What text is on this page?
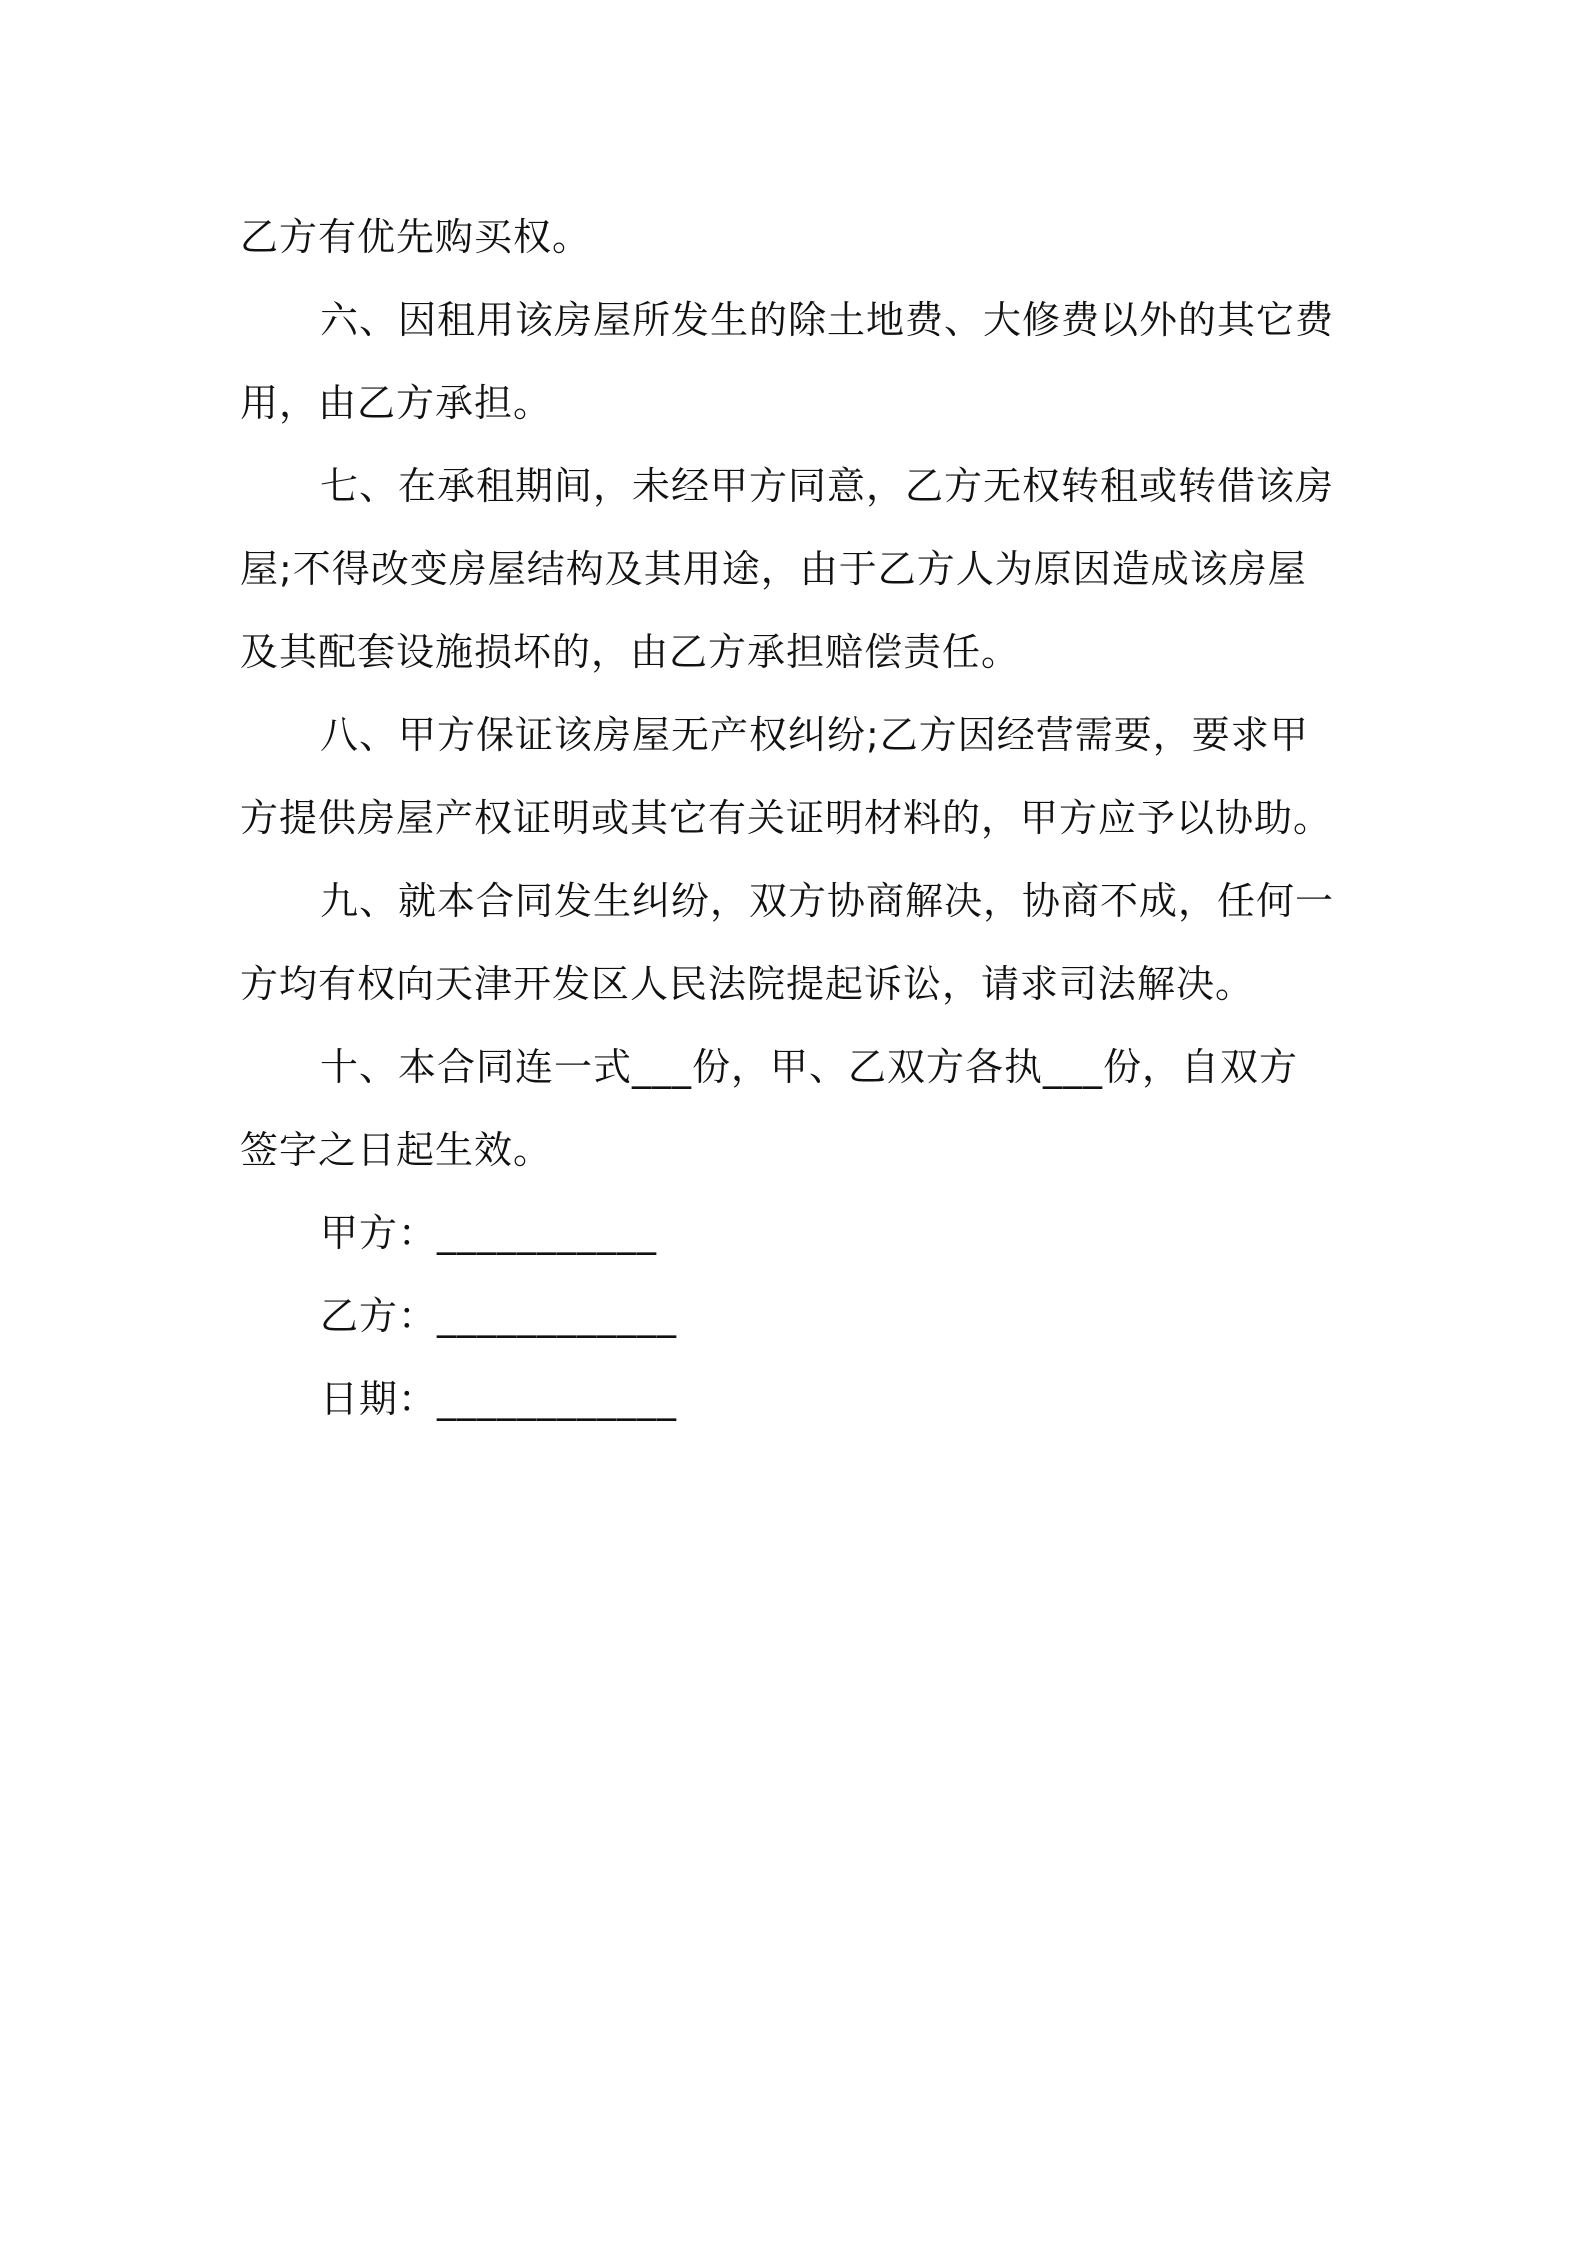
乙方有优先购买权。

六、因租用该房屋所发生的除土地费、大修费以外的其它费
用，由乙方承担。

七、在承租期间，未经甲方同意，乙方无权转租或转借该房
屋;不得改变房屋结构及其用途，由于乙方人为原因造成该房屋
及其配套设施损坏的，由乙方承担赔偿责任。

八、甲方保证该房屋无产权纠纷;乙方因经营需要，要求甲
方提供房屋产权证明或其它有关证明材料的，甲方应予以协助。

九、就本合同发生纠纷，双方协商解决，协商不成，任何一
方均有权向天津开发区人民法院提起诉讼，请求司法解决。

十、本合同连一式___份，甲、乙双方各执___份，自双方
签字之日起生效。

甲方：___________

乙方：____________

日期：____________
